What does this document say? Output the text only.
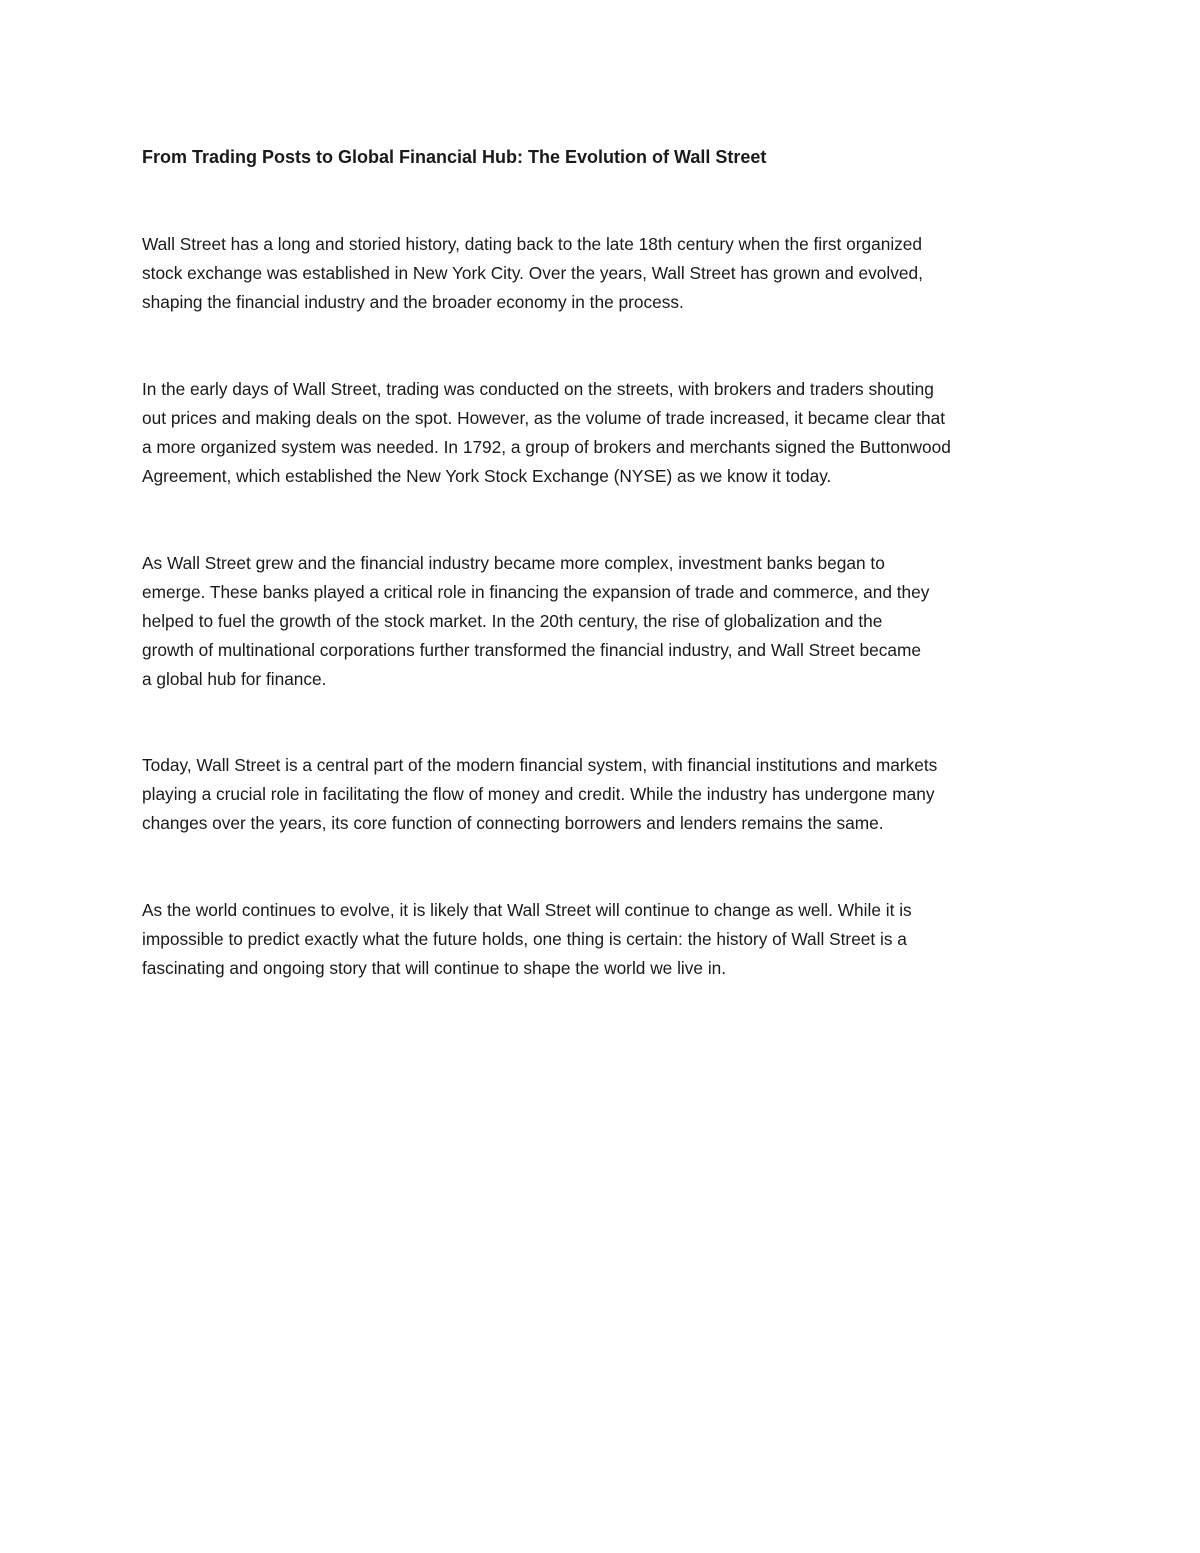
From Trading Posts to Global Financial Hub: The Evolution of Wall Street

Wall Street has a long and storied history, dating back to the late 18th century when the first organized
stock exchange was established in New York City. Over the years, Wall Street has grown and evolved,
shaping the financial industry and the broader economy in the process.

In the early days of Wall Street, trading was conducted on the streets, with brokers and traders shouting
out prices and making deals on the spot. However, as the volume of trade increased, it became clear that
a more organized system was needed. In 1792, a group of brokers and merchants signed the Buttonwood
Agreement, which established the New York Stock Exchange (NYSE) as we know it today.

As Wall Street grew and the financial industry became more complex, investment banks began to
emerge. These banks played a critical role in financing the expansion of trade and commerce, and they
helped to fuel the growth of the stock market. In the 20th century, the rise of globalization and the
growth of multinational corporations further transformed the financial industry, and Wall Street became
a global hub for finance.

Today, Wall Street is a central part of the modern financial system, with financial institutions and markets
playing a crucial role in facilitating the flow of money and credit. While the industry has undergone many
changes over the years, its core function of connecting borrowers and lenders remains the same.

As the world continues to evolve, it is likely that Wall Street will continue to change as well. While it is
impossible to predict exactly what the future holds, one thing is certain: the history of Wall Street is a
fascinating and ongoing story that will continue to shape the world we live in.
